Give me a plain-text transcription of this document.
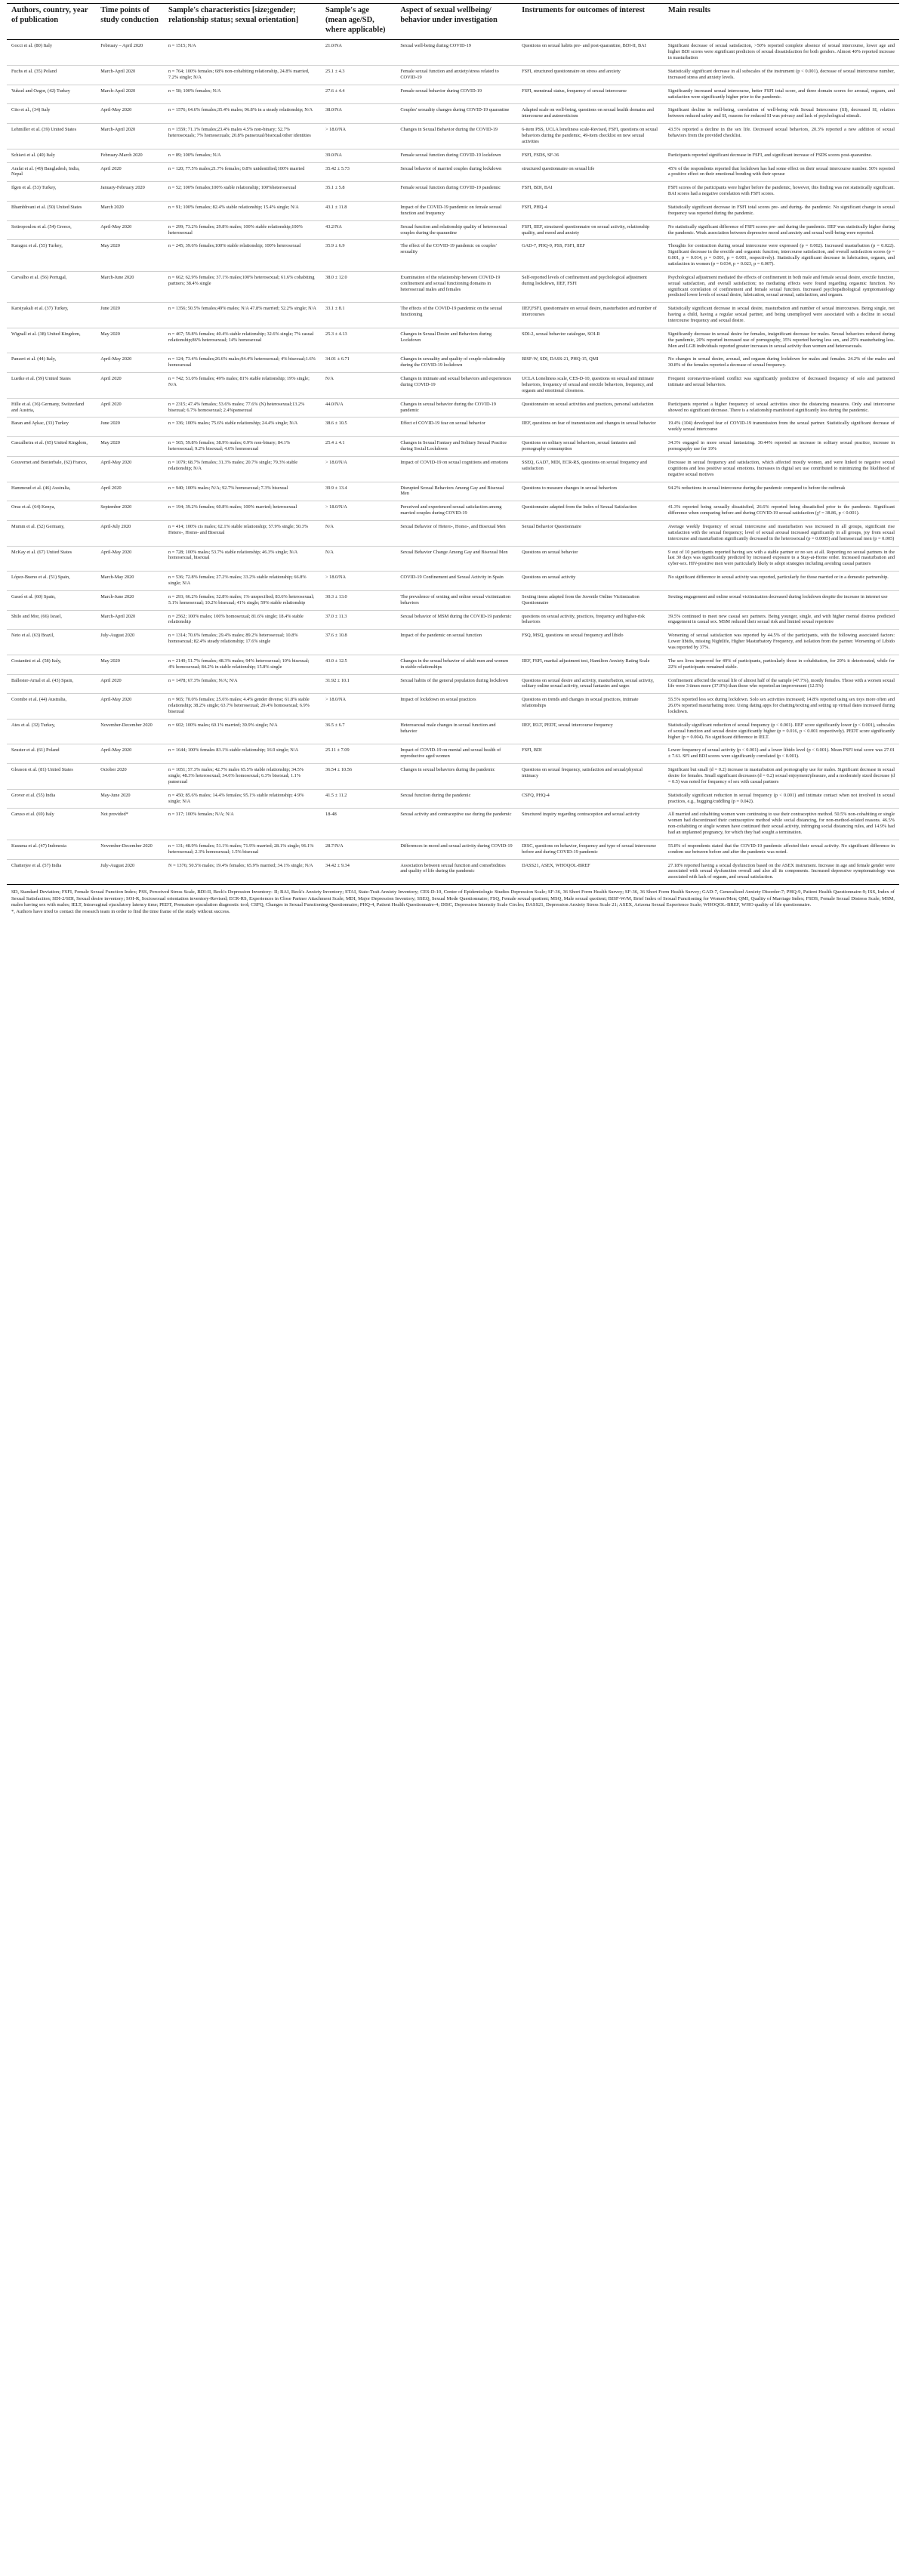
Authors, country, year of publication	Time points of study conduction	Sample's characteristics [size;gender; relationship status; sexual orientation]	Sample's age (mean age/SD, where applicable)	Aspect of sexual wellbeing/ behavior under investigation	Instruments for outcomes of interest	Main results
Gocci et al. (80) Italy	February – April 2020	n = 1515; N/A	21.0/NA	Sexual well-being during COVID-19	Questions on sexual habits pre- and post-quarantine, BDI-II, BAI	Significant decrease of sexual satisfaction, >50% reported complete absence of sexual intercourse, lower age and higher BDI scores were significant predictors of sexual dissatisfaction for both genders. Almost 40% reported increase in masturbation
Fuchs et al. (35) Poland	March-April 2020	n = 764; 100% females; 68% non-cohabiting relationship, 24.8% married, 7.2% single; N/A	25.1 ± 4.3	Female sexual function and anxiety/stress related to COVID-19	FSFI, structured questionnaire on stress and anxiety	Statistically significant decrease in all subscales of the instrument (p < 0.001), decrease of sexual intercourse number, increased stress and anxiety levels.
Yuksel and Ozgor, (42) Turkey	March-April 2020	n = 58; 100% females; N/A	27.6 ± 4.4	Female sexual behavior during COVID-19	FSFI, menstrual status, frequency of sexual intercourse	Significantly increased sexual intercourse, better FSFI total score, and three domain scores for arousal, orgasm, and satisfaction were significantly higher prior to the pandemic.
Cito et al., (34) Italy	April-May 2020	n = 1576; 64.6% females;35.4% males; 96.8% in a steady relationship; N/A	38.0/NA	Couples' sexuality changes during COVID-19 quarantine	Adapted scale on well-being, questions on sexual health domains and intercourse and autoeroticism	Significant decline in well-being, correlation of well-being with Sexual Intercourse (SI), decreased SI, relation between reduced safety and SI, reasons for reduced SI was privacy and lack of psychological stimuli.
Lehmiller et al. (39) United States	March-April 2020	n = 1559; 71.1% females;23.4% males 4.5% non-binary; 52.7% heterosexuals; 7% homosexuals; 20.8% pansexual/bisexual/other identities	> 18.0/NA	Changes in Sexual Behavior during the COVID-19	6-item PSS, UCLA loneliness scale-Revised, FSFI, questions on sexual behaviors during the pandemic, 49-item checklist on new sexual activities	43.5% reported a decline in the sex life. Decreased sexual behaviors, 20.3% reported a new addition of sexual behaviors from the provided checklist.
Schiavi et al. (40) Italy	February-March 2020	n = 89; 100% females; N/A	39.0/NA	Female sexual function during COVID-19 lockdown	FSFI, FSDS, SF-36	Participants reported significant decrease in FSFI, and significant increase of FSDS scores post-quarantine.
Arafat et al. (49) Bangladesh, India, Nepal	April 2020	n = 120; 77.5% males;21.7% females; 0.8% unidentified;100% married	35.42 ± 5.73	Sexual behavior of married couples during lockdown	structured questionnaire on sexual life	45% of the respondents reported that lockdown has had some effect on their sexual intercourse number. 50% reported a positive effect on their emotional bonding with their spouse
Ilgen et al. (53) Turkey,	January-February 2020	n = 52; 100% females;100% stable relationship; 100%heterosexual	35.1 ± 5.8	Female sexual function during COVID-19 pandemic	FSFI, BDI, BAI	FSFI scores of the participants were higher before the pandemic, however, this finding was not statistically significant. BAI scores had a negative correlation with FSFI scores.
Bhambhvani et al. (50) United States	March 2020	n = 91; 100% females; 82.4% stable relationship; 15.4% single; N/A	43.1 ± 11.8	Impact of the COVID-19 pandemic on female sexual function and frequency	FSFI, PHQ-4	Statistically significant decrease in FSFI total scores pre- and during- the pandemic. No significant change in sexual frequency was reported during the pandemic.
Sotiropoulou et al. (54) Greece,	April-May 2020	n = 299; 73.2% females; 29.8% males; 100% stable relationship;100% heterosexual	43.2/NA	Sexual function and relationship quality of heterosexual couples during the quarantine	FSFI, IIEF, structured questionnaire on sexual activity, relationship quality, and mood and anxiety	No statistically significant difference of FSFI scores pre- and during the pandemic. IIEF was statistically higher during the pandemic. Weak association between depressive mood and anxiety and sexual well-being were reported.
Karagoz et al. (55) Turkey,	May 2020	n = 245; 39.6% females;100% stable relationship; 100% heterosexual	35.9 ± 6.9	The effect of the COVID-19 pandemic on couples' sexuality	GAD-7, PHQ-9, PSS, FSFI, IIEF	Thoughts for contraction during sexual intercourse were expressed (p = 0.002). Increased masturbation (p = 0.022). Significant decrease in the erectile and orgasmic function, intercourse satisfaction, and overall satisfaction scores (p = 0.001, p = 0.014, p = 0.001, p = 0.001, respectively). Statistically significant decrease in lubrication, orgasm, and satisfaction in women (p = 0.034, p = 0.023, p = 0.007).
Carvalho et al. (56) Portugal,	March-June 2020	n = 662; 62.9% females; 37.1% males;100% heterosexual; 61.6% cohabiting partners; 38.4% single	38.0 ± 12.0	Examination of the relationship between COVID-19 confinement and sexual functioning domains in heterosexual males and females	Self-reported levels of confinement and psychological adjustment during lockdown, IIEF, FSFI	Psychological adjustment mediated the effects of confinement in both male and female sexual desire, erectile function, sexual satisfaction, and overall satisfaction; no mediating effects were found regarding orgasmic function. No significant correlation of confinement and female sexual function. Increased psychopathological symptomatology predicted lower levels of sexual desire, lubrication, sexual arousal, satisfaction, and orgasm.
Karsiyakali et al. (37) Turkey,	June 2020	n = 1356; 50.5% females;49% males; N/A 47.8% married; 52.2% single; N/A	33.1 ± 8.1	The effects of the COVID-19 pandemic on the sexual functioning	IIEF,FSFI, questionnaire on sexual desire, masturbation and number of intercourses	Statistically significant decrease in sexual desire, masturbation and number of sexual intercourses. Being single, not having a child, having a regular sexual partner, and being unemployed were associated with a decline in sexual intercourse frequency and sexual desire.
Wignall et al. (38) United Kingdom,	May 2020	n = 467; 59.8% females; 40.4% stable relationship; 32.6% single; 7% casual relationship;86% heterosexual; 14% homosexual	25.3 ± 4.13	Changes in Sexual Desire and Behaviors during Lockdown	SDI-2, sexual behavior catalogue, SOI-R	Significantly decrease in sexual desire for females, insignificant decrease for males. Sexual behaviors reduced during the pandemic, 20% reported increased use of pornography, 35% reported having less sex, and 25% masturbating less. Men and LGB individuals reported greater increases in sexual activity than women and heterosexuals.
Panzeri et al. (44) Italy,	April-May 2020	n = 124; 73.4% females;26.6% males;94.4% heterosexual; 4% bisexual;1.6% homosexual	34.01 ± 6.71	Changes in sexuality and quality of couple relationship during the COVID-19 lockdown	BISF-W, SDI, DASS-21, PHQ-15, QMI	No changes in sexual desire, arousal, and orgasm during lockdown for males and females. 24.2% of the males and 30.8% of the females reported a decrease of sexual frequency.
Luetke et al. (59) United States	April 2020	n = 742; 51.0% females; 49% males; 81% stable relationship; 19% single; N/A	N/A	Changes in intimate and sexual behaviors and experiences during COVID-19	UCLA Loneliness scale, CES-D-10, questions on sexual and intimate behaviors, frequency of sexual and erectile behaviors, frequency, and orgasm and emotional closeness.	Frequent coronavirus-related conflict was significantly predictive of decreased frequency of solo and partnered intimate and sexual behaviors.
Hille et al. (36) Germany, Switzerland and Austria,	April 2020	n = 2315; 47.4% females; 53.6% males; 77.6% (N) heterosexual;13.2% bisexual; 6.7% homosexual; 2.4%pansexual	44.0/N/A	Changes in sexual behavior during the COVID-19 pandemic	Questionnaire on sexual activities and practices, personal satisfaction	Participants reported a higher frequency of sexual activities since the distancing measures. Only anal intercourse showed no significant decrease. There is a relationship manifested significantly less during the pandemic.
Baran and Aykac, (33) Turkey	June 2020	n = 336; 100% males; 75.6% stable relationship; 24.4% single; N/A	38.6 ± 10.5	Effect of COVID-19 fear on sexual behavior	IIEF, questions on fear of transmission and changes in sexual behavior	19.4% (104) developed fear of COVID-19 transmission from the sexual partner. Statistically significant decrease of weekly sexual intercourse
Cascalheira et al. (65) United Kingdom,	May 2020	n = 565; 59.8% females; 38.9% males; 0.9% non-binary; 84.1% heterosexual; 9.2% bisexual; 4.6% homosexual	25.4 ± 4.1	Changes in Sexual Fantasy and Solitary Sexual Practice during Social Lockdown	Questions on solitary sexual behaviors, sexual fantasies and pornography consumption	34.3% engaged in more sexual fantasizing. 30.44% reported an increase in solitary sexual practice, increase in pornography use for 19%
Gouvernet and Bonierbale, (62) France,	April-May 2020	n = 1079; 68.7% females; 31.3% males; 20.7% single; 79.3% stable relationship; N/A	> 18.0/N/A	Impact of COVID-19 on sexual cognitions and emotions	SSEQ, GAD7, MDI, ECR-RS, questions on sexual frequency and satisfaction	Decrease in sexual frequency and satisfaction, which affected mostly women, and were linked to negative sexual cognitions and less positive sexual emotions. Increases in digital sex use contributed to minimizing the likelihood of negative sexual motives
Hammoud et al. (46) Australia,	April 2020	n = 940; 100% males; N/A; 92.7% homosexual; 7.3% bisexual	39.9 ± 13.4	Disrupted Sexual Behaviors Among Gay and Bisexual Men	Questions to measure changes in sexual behaviors	94.2% reductions in sexual intercourse during the pandemic compared to before the outbreak
Oruz et al. (64) Kenya,	September 2020	n = 194; 39.2% females; 60.8% males; 100% married; heterosexual	> 18.0/N/A	Perceived and experienced sexual satisfaction among married couples during COVID-19	Questionnaire adapted from the Index of Sexual Satisfaction	41.3% reported being sexually dissatisfied, 26.6% reported being dissatisfied prior to the pandemic. Significant difference when comparing before and during COVID-19 sexual satisfaction (χ² = 38.86, p < 0.001).
Mumm et al. (52) Germany,	April-July 2020	n = 414; 100% cis males; 62.1% stable relationship; 57.9% single; 50.3% Hetero-, Homo- and Bisexual	N/A	Sexual Behavior of Hetero-, Homo-, and Bisexual Men	Sexual Behavior Questionnaire	Average weekly frequency of sexual intercourse and masturbation was increased in all groups, significant rise satisfaction with the sexual frequency; level of sexual arousal increased significantly in all groups, joy from sexual intercourse and masturbation significantly decreased in the heterosexual (p = 0.0005) and homosexual men (p = 0.005)
McKay et al. (67) United States	April-May 2020	n = 728; 100% males; 53.7% stable relationship; 46.3% single; N/A homosexual, bisexual	N/A	Sexual Behavior Change Among Gay and Bisexual Men	Questions on sexual behavior	9 out of 10 participants reported having sex with a stable partner or no sex at all. Reporting no sexual partners in the last 30 days was significantly predicted by increased exposure to a Stay-at-Home order. Increased masturbation and cyber-sex. HIV-positive men were particularly likely to adopt strategies including avoiding casual partners
López-Bueno et al. (51) Spain,	March-May 2020	n = 536; 72.8% females; 27.2% males; 33.2% stable relationship; 66.8% single; N/A	> 18.0/NA	COVID-19 Confinement and Sexual Activity in Spain	Questions on sexual activity	No significant difference in sexual activity was reported, particularly for those married or in a domestic partnership.
Gassó et al. (60) Spain,	March-June 2020	n = 293; 66.2% females; 32.8% males; 1% unspecified; 83.6% heterosexual; 5.1% homosexual; 10.2% bisexual; 41% single; 59% stable relationship	30.3 ± 13.0	The prevalence of sexting and online sexual victimization behaviors	Sexting items adapted from the Juvenile Online Victimization Questionnaire	Sexting engagement and online sexual victimization decreased during lockdown despite the increase in internet use
Shilo and Mor, (66) Israel,	March-April 2020	n = 2562; 100% males; 100% homosexual; 81.6% single; 18.4% stable relationship	37.0 ± 11.3	Sexual behavior of MSM during the COVID-19 pandemic	questions on sexual activity, practices, frequency and higher-risk behaviors	39.5% continued to meet new casual sex partners. Being younger, single, and with higher mental distress predicted engagement in casual sex. MSM reduced their sexual risk and limited sexual repertoire
Neto et al. (63) Brazil,	July-August 2020	n = 1314; 70.6% females; 29.4% males; 89.2% heterosexual; 10.8% homosexual; 82.4% steady relationship; 17.6% single	37.6 ± 10.8	Impact of the pandemic on sexual function	FSQ, MSQ, questions on sexual frequency and libido	Worsening of sexual satisfaction was reported by 44.5% of the participants, with the following associated factors: Lower libido, missing Nightlife, Higher Masturbatory Frequency, and isolation from the partner. Worsening of Libido was reported by 37%.
Costantini et al. (58) Italy,	May 2020	n = 2149; 51.7% females; 48.3% males; 94% heterosexual; 10% bisexual; 4% homosexual; 84.2% in stable relationship; 15.8% single	43.0 ± 12.5	Changes in the sexual behavior of adult men and women in stable relationships	IIEF, FSFI, marital adjustment test, Hamilton Anxiety Rating Scale	The sex lives improved for 49% of participants, particularly those in cohabitation, for 29% it deteriorated, while for 22% of participants remained stable.
Ballester-Arnal et al. (43) Spain,	April 2020	n = 1478; 67.3% females; N/A; N/A	31.92 ± 10.1	Sexual habits of the general population during lockdown	Questions on sexual desire and activity, masturbation, sexual activity, solitary online sexual activity, sexual fantasies and urges	Confinement affected the sexual life of almost half of the sample (47.7%), mostly females. Those with a worsen sexual life were 3 times more (37.9%) than those who reported an improvement (12.5%)
Coombe et al. (44) Australia,	April-May 2020	n = 965; 70.0% females; 25.6% males; 4.4% gender diverse; 61.8% stable relationship; 38.2% single; 63.7% heterosexual; 29.4% homosexual; 6.9% bisexual	> 18.0/NA	Impact of lockdown on sexual practices	Questions on trends and changes in sexual practices, intimate relationships	55.5% reported less sex during lockdown. Solo sex activities increased; 14.8% reported using sex toys more often and 26.0% reported masturbating more. Using dating apps for chatting/texting and setting up virtual dates increased during lockdown.
Ates et al. (32) Turkey,	November-December 2020	n = 602; 100% males; 60.1% married; 39.9% single; N/A	36.5 ± 6.7	Heterosexual male changes in sexual function and behavior	IIEF, IELT, PEDT, sexual intercourse frequency	Statistically significant reduction of sexual frequency (p < 0.001). IIEF score significantly lower (p < 0.001), subscales of sexual function and sexual desire significantly higher (p = 0.016, p < 0.001 respectively). PEDT score significantly higher (p = 0.004). No significant difference in IELT.
Szuster et al. (61) Poland	April-May 2020	n = 1644; 100% females 83.1% stable relationship; 16.9 single; N/A	25.11 ± 7.09	Impact of COVID-19 on mental and sexual health of reproductive aged women	FSFI, BDI	Lower frequency of sexual activity (p < 0.001) and a lower libido level (p < 0.001). Mean FSFI total score was 27.01 ± 7.61. SFI and BDI scores were significantly correlated (p < 0.001).
Gleason et al. (81) United States	October 2020	n = 1051; 57.3% males; 42.7% males 65.5% stable relationship; 34.5% single; 48.3% heterosexual; 34.6% homosexual; 6.3% bisexual; 1.1% pansexual	36.54 ± 10.56	Changes in sexual behaviors during the pandemic	Questions on sexual frequency, satisfaction and sexual/physical intimacy	Significant but small (d = 0.2) increase in masturbation and pornography use for males. Significant decrease in sexual desire for females. Small significant decreases (d = 0.2) sexual enjoyment/pleasure, and a moderately sized decrease (d = 0.5) was noted for frequency of sex with casual partners
Grover et al. (55) India	May-June 2020	n = 450; 85.6% males; 14.4% females; 95.1% stable relationship; 4.9% single; N/A	41.5 ± 11.2	Sexual function during the pandemic	CSFQ, PHQ-4	Statistically significant reduction in sexual frequency (p < 0.001) and intimate contact when not involved in sexual practices, e.g., hugging/cuddling (p = 0.042).
Caruso et al. (69) Italy	Not provided*	n = 317; 100% females; N/A; N/A	18-48	Sexual activity and contraceptive use during the pandemic	Structured inquiry regarding contraception and sexual activity	All married and cohabiting women were continuing to use their contraceptive method. 50.5% non-cohabiting or single women had discontinued their contraceptive method while social distancing, for non-method-related reasons. 46.5% non-cohabiting or single women have continued their sexual activity, infringing social distancing rules, and 14.9% had had an unplanned pregnancy, for which they had sought a termination.
Kusuma et al. (47) Indonesia	November-December 2020	n = 131; 48.9% females; 51.1% males; 71.9% married; 28.1% single; 96.1% heterosexual; 2.3% homosexual; 1.5% bisexual	28.7/N/A	Differences in mood and sexual activity during COVID-19	DISC, questions on behavior, frequency and type of sexual intercourse before and during COVID-19 pandemic	55.8% of respondents stated that the COVID-19 pandemic affected their sexual activity. No significant difference in condom use between before and after the pandemic was noted.
Chatterjee et al. (57) India	July-August 2020	N = 1376; 50.5% males; 19.4% females; 65.9% married; 34.1% single; N/A	34.42 ± 9.34	Association between sexual function and comorbidities and quality of life during the pandemic	DASS21, ASEX, WHOQOL-BREF	27.18% reported having a sexual dysfunction based on the ASEX instrument. Increase in age and female gender were associated with sexual dysfunction overall and also all its components. Increased depressive symptomatology was associated with lack of orgasm, and sexual satisfaction.
SD, Standard Deviation; FSFI, Female Sexual Function Index; PSS, Perceived Stress Scale, BDI-II, Beck's Depression Inventory- II; BAI, Beck's Anxiety Inventory; STAI, State-Trait Anxiety Inventory; CES-D-10, Center of Epidemiologic Studies Depression Scale; SF-36, 36 Short Form Health Survey; SF-36, 36 Short Form Health Survey; GAD-7, Generalized Anxiety Disorder-7; PHQ-9, Patient Health Questionnaire-9; ISS, Index of Sexual Satisfaction; SDI-2/SDI, Sexual desire inventory; SOI-R, Sociosexual orientation inventory-Revised; ECR-RS, Experiences in Close Partner Attachment Scale; MDI, Major Depression Inventory; SSEQ, Sexual Mode Questionnaire; FSQ, Female sexual quotient; MSQ, Male sexual quotient; BISF-W/M, Brief Index of Sexual Functioning for Women/Men; QMI, Quality of Marriage Index; FSDS, Female Sexual Distress Scale; MSM, males having sex with males; IELT, Intravaginal ejaculatory latency time; PEDT, Premature ejaculation diagnostic tool; CSFQ, Changes in Sexual Functioning Questionnaire; PHQ-4, Patient Health Questionnaire-4; DISC, Depression Intensity Scale Circles; DASS21, Depression Anxiety Stress Scale 21; ASEX, Arizona Sexual Experience Scale; WHOQOL-BREF, WHO quality of life questionnaire.
*, Authors have tried to contact the research team in order to find the time frame of the study without success.
